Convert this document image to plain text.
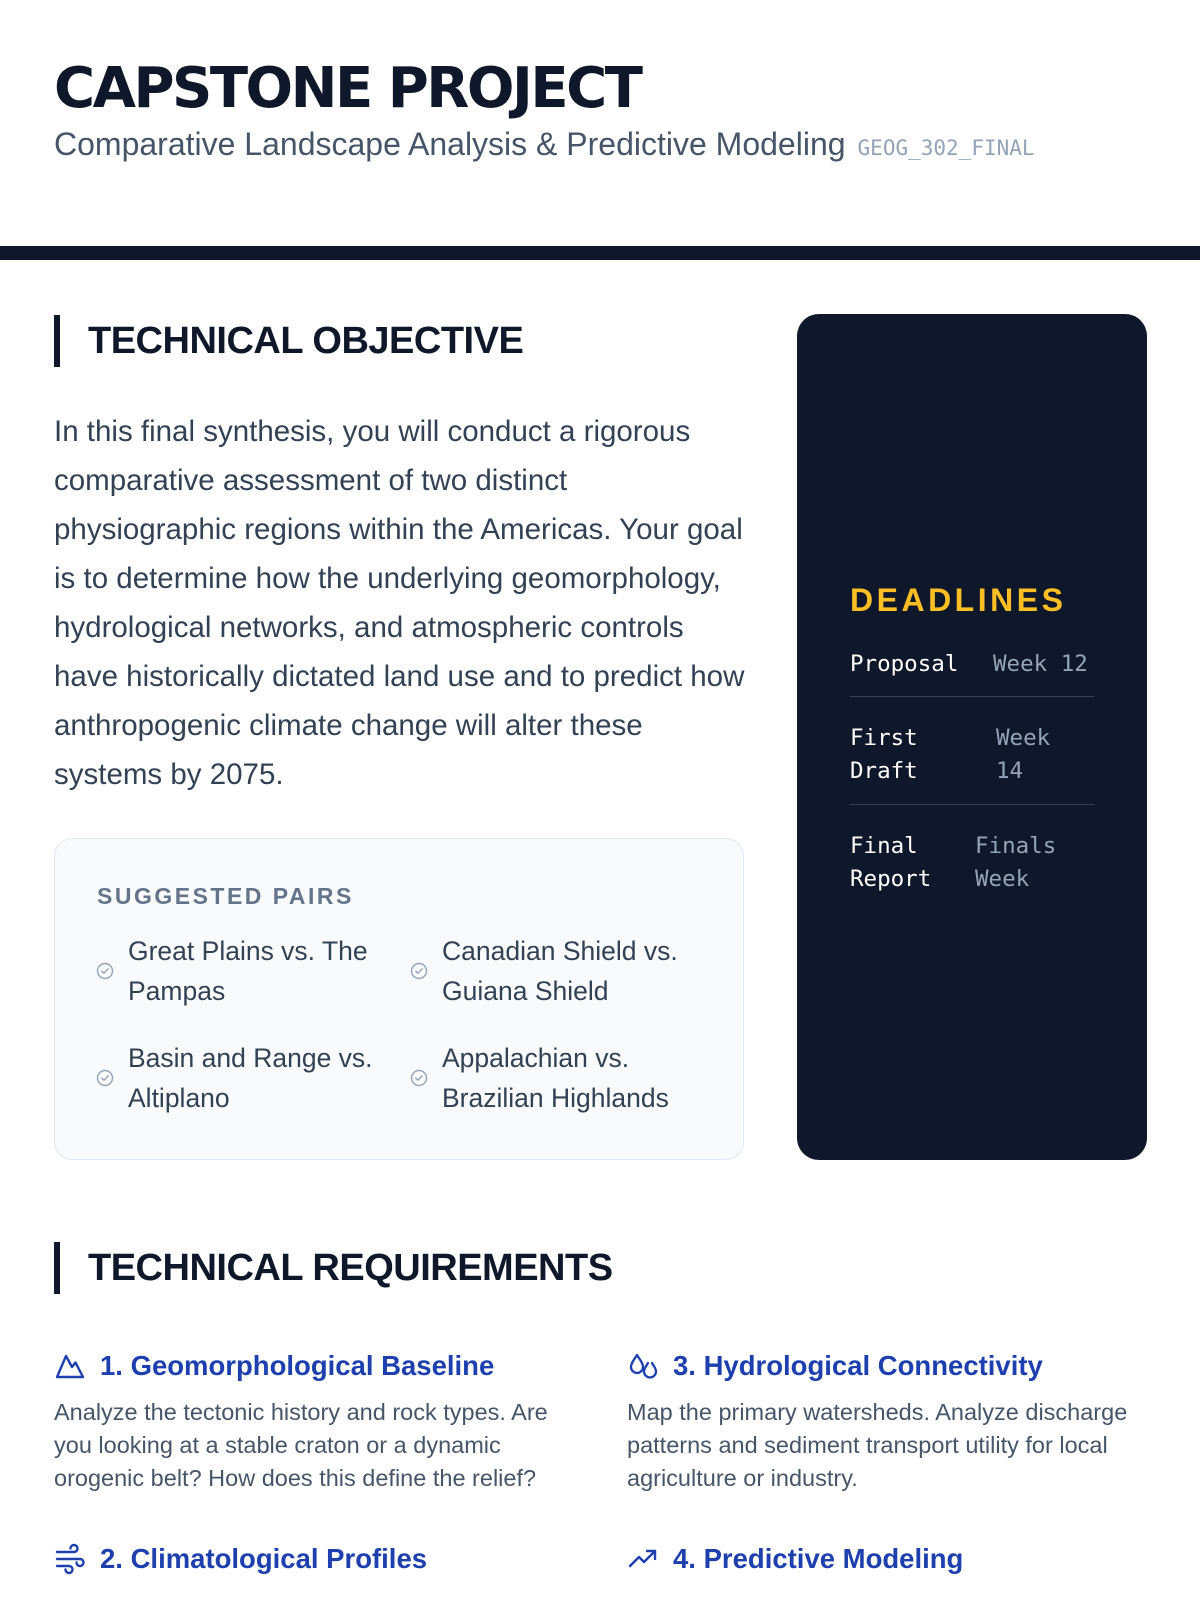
CAPSTONE PROJECT
Comparative Landscape Analysis & Predictive Modeling GEOG_302_FINAL
TECHNICAL OBJECTIVE

In this final synthesis, you will conduct a rigorous comparative assessment of two distinct physiographic regions within the Americas. Your goal is to determine how the underlying geomorphology, hydrological networks, and atmospheric controls have historically dictated land use and to predict how anthropogenic climate change will alter these systems by 2075.

SUGGESTED PAIRS
Great Plains vs. The Pampas
Canadian Shield vs. Guiana Shield
Basin and Range vs. Altiplano
Appalachian vs. Brazilian Highlands
DEADLINES
Proposal	Week 12
First Draft
Week 14
Final Report
Finals Week
TECHNICAL REQUIREMENTS
1. Geomorphological Baseline
Analyze the tectonic history and rock types. Are you looking at a stable craton or a dynamic orogenic belt? How does this define the relief?
3. Hydrological Connectivity
Map the primary watersheds. Analyze discharge patterns and sediment transport utility for local agriculture or industry.
2. Climatological Profiles	4. Predictive Modeling
